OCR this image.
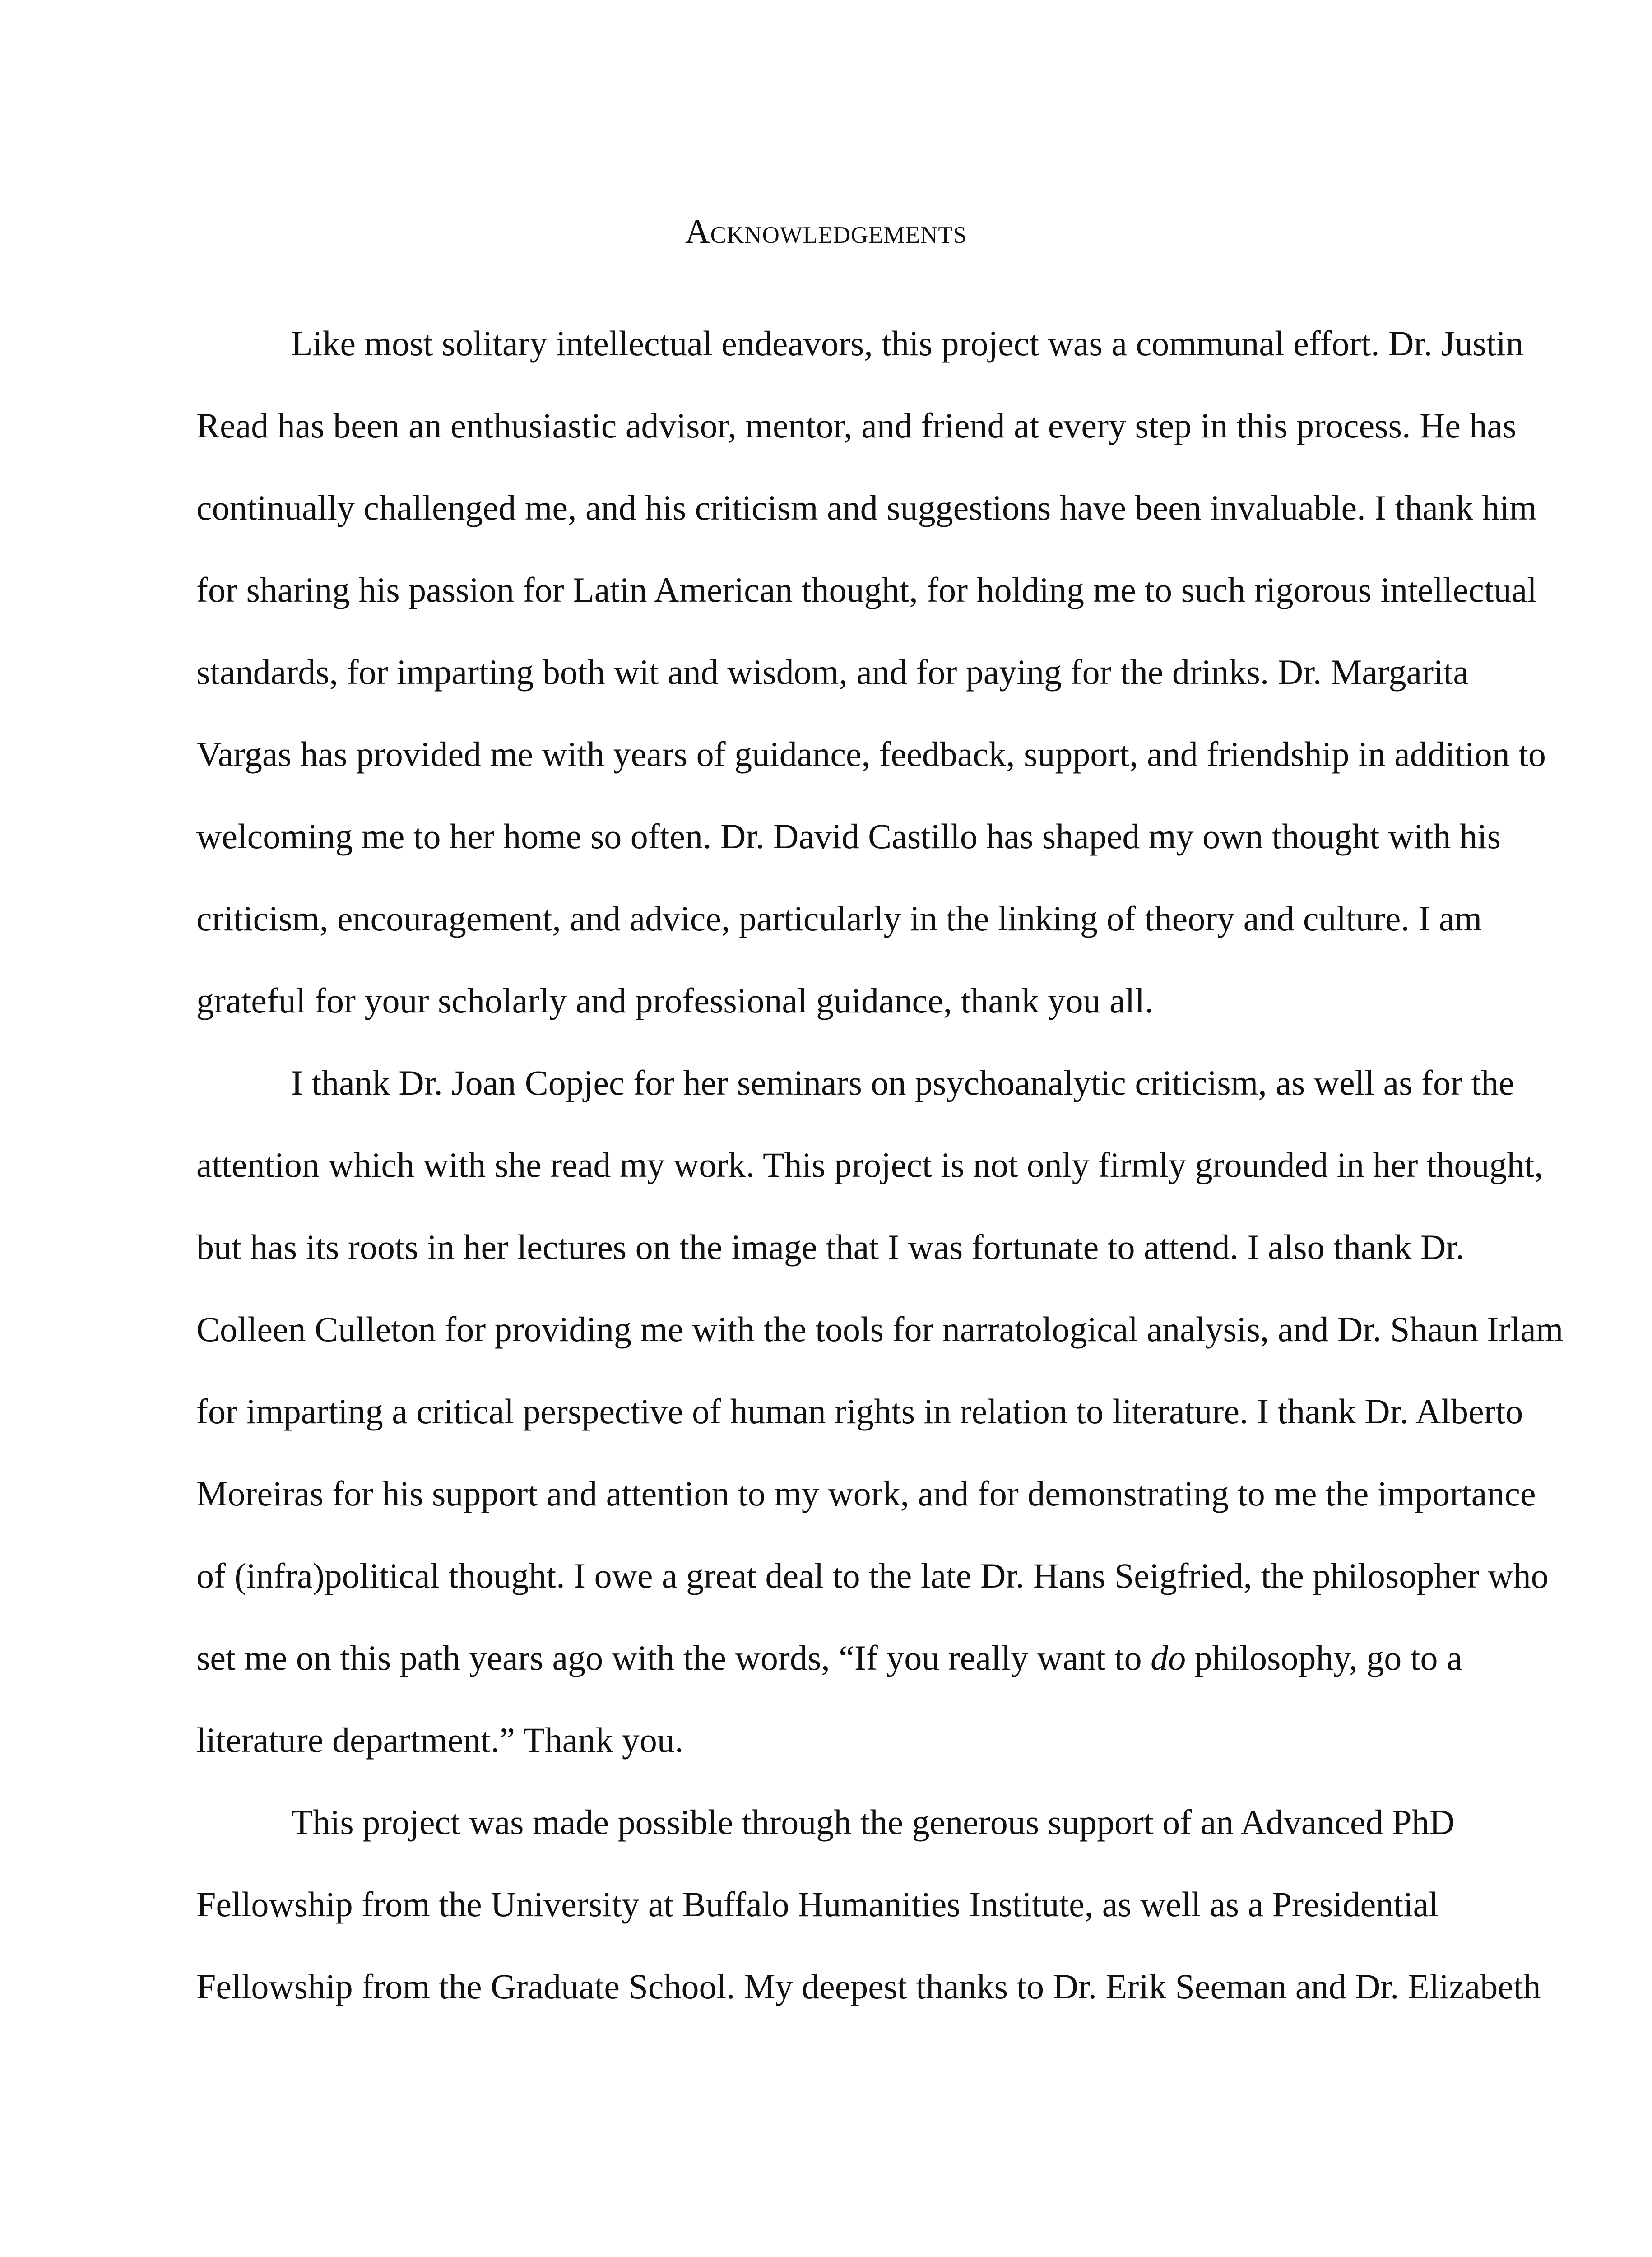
Acknowledgements
Like most solitary intellectual endeavors, this project was a communal effort. Dr. Justin
Read has been an enthusiastic advisor, mentor, and friend at every step in this process. He has
continually challenged me, and his criticism and suggestions have been invaluable. I thank him
for sharing his passion for Latin American thought, for holding me to such rigorous intellectual
standards, for imparting both wit and wisdom, and for paying for the drinks. Dr. Margarita
Vargas has provided me with years of guidance, feedback, support, and friendship in addition to
welcoming me to her home so often. Dr. David Castillo has shaped my own thought with his
criticism, encouragement, and advice, particularly in the linking of theory and culture. I am
grateful for your scholarly and professional guidance, thank you all.
I thank Dr. Joan Copjec for her seminars on psychoanalytic criticism, as well as for the
attention which with she read my work. This project is not only firmly grounded in her thought,
but has its roots in her lectures on the image that I was fortunate to attend. I also thank Dr.
Colleen Culleton for providing me with the tools for narratological analysis, and Dr. Shaun Irlam
for imparting a critical perspective of human rights in relation to literature. I thank Dr. Alberto
Moreiras for his support and attention to my work, and for demonstrating to me the importance
of (infra)political thought. I owe a great deal to the late Dr. Hans Seigfried, the philosopher who
set me on this path years ago with the words, “If you really want to do philosophy, go to a
literature department.” Thank you.
This project was made possible through the generous support of an Advanced PhD
Fellowship from the University at Buffalo Humanities Institute, as well as a Presidential
Fellowship from the Graduate School. My deepest thanks to Dr. Erik Seeman and Dr. Elizabeth
